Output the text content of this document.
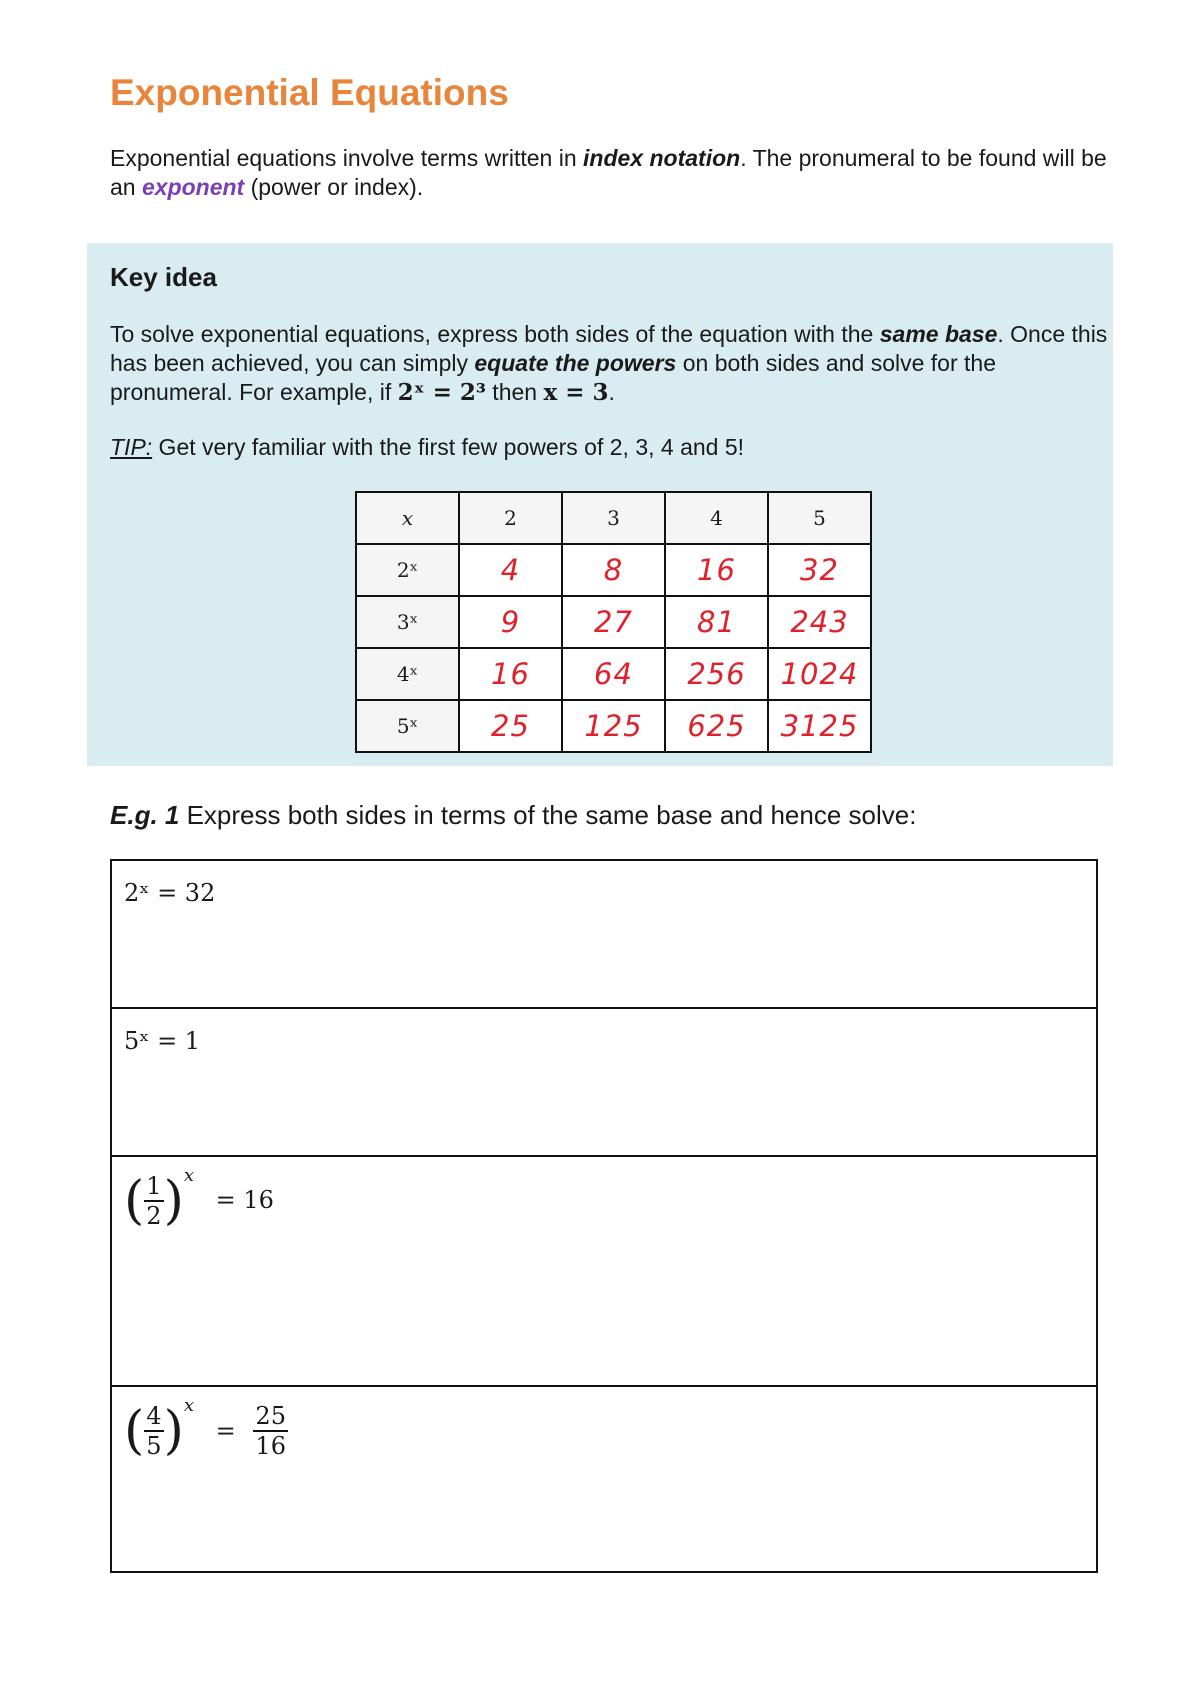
Exponential Equations
Exponential equations involve terms written in index notation. The pronumeral to be found will be an exponent (power or index).
Key idea
To solve exponential equations, express both sides of the equation with the same base. Once this has been achieved, you can simply equate the powers on both sides and solve for the pronumeral. For example, if 2ˣ = 2³ then x = 3.
TIP: Get very familiar with the first few powers of 2, 3, 4 and 5!
x	2	3	4	5
2ˣ	4	8	16	32
3ˣ	9	27	81	243
4ˣ	16	64	256	1024
5ˣ	25	125	625	3125
E.g. 1 Express both sides in terms of the same base and hence solve:
2ˣ = 32
5ˣ = 1
( $\frac{1}{2} )^x = 16$
( $\frac{4}{5} )^x = \frac{25}{16}$
